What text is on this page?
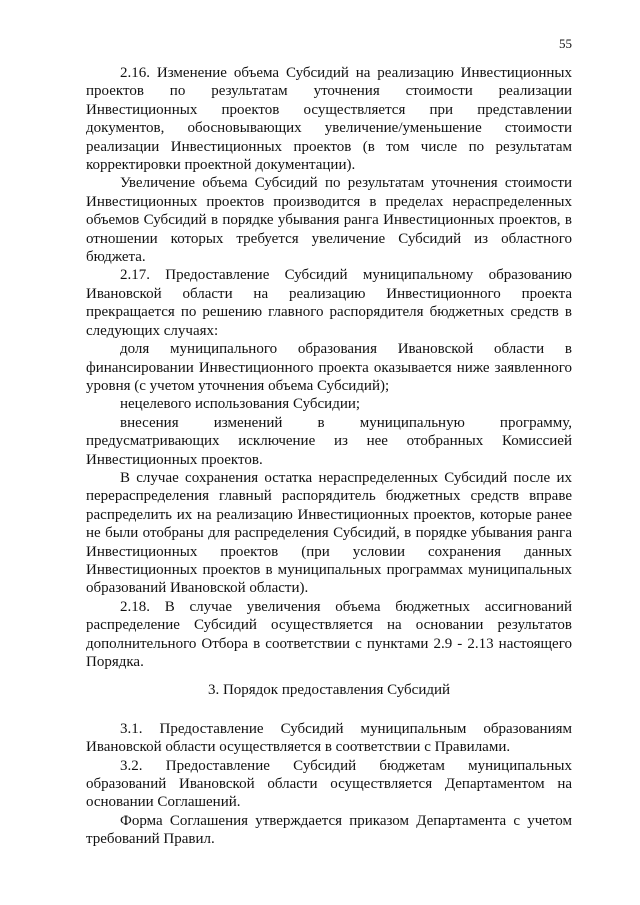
55

2.16. Изменение объема Субсидий на реализацию Инвестиционных проектов по результатам уточнения стоимости реализации Инвестиционных проектов осуществляется при представлении документов, обосновывающих увеличение/уменьшение стоимости реализации Инвестиционных проектов (в том числе по результатам корректировки проектной документации).

Увеличение объема Субсидий по результатам уточнения стоимости Инвестиционных проектов производится в пределах нераспределенных объемов Субсидий в порядке убывания ранга Инвестиционных проектов, в отношении которых требуется увеличение Субсидий из областного бюджета.

2.17. Предоставление Субсидий муниципальному образованию Ивановской области на реализацию Инвестиционного проекта прекращается по решению главного распорядителя бюджетных средств в следующих случаях:

доля муниципального образования Ивановской области в финансировании Инвестиционного проекта оказывается ниже заявленного уровня (с учетом уточнения объема Субсидий);

нецелевого использования Субсидии;

внесения изменений в муниципальную программу, предусматривающих исключение из нее отобранных Комиссией Инвестиционных проектов.

В случае сохранения остатка нераспределенных Субсидий после их перераспределения главный распорядитель бюджетных средств вправе распределить их на реализацию Инвестиционных проектов, которые ранее не были отобраны для распределения Субсидий, в порядке убывания ранга Инвестиционных проектов (при условии сохранения данных Инвестиционных проектов в муниципальных программах муниципальных образований Ивановской области).

2.18. В случае увеличения объема бюджетных ассигнований распределение Субсидий осуществляется на основании результатов дополнительного Отбора в соответствии с пунктами 2.9 - 2.13 настоящего Порядка.

3. Порядок предоставления Субсидий

3.1. Предоставление Субсидий муниципальным образованиям Ивановской области осуществляется в соответствии с Правилами.

3.2. Предоставление Субсидий бюджетам муниципальных образований Ивановской области осуществляется Департаментом на основании Соглашений.

Форма Соглашения утверждается приказом Департамента с учетом требований Правил.
